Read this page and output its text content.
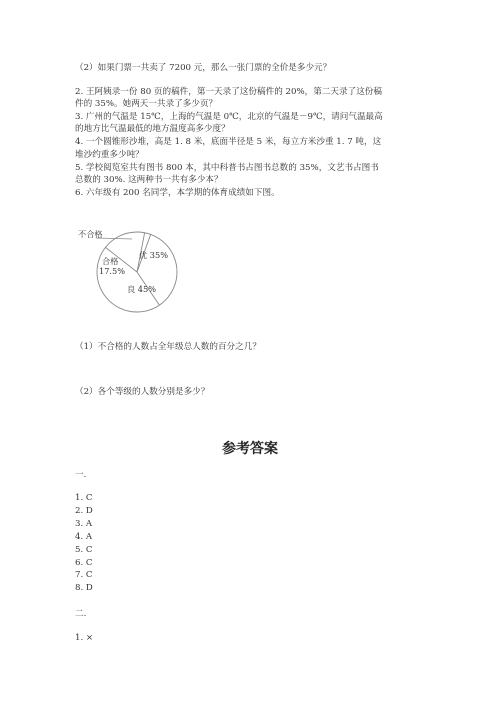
（2）如果门票一共卖了 7200 元，那么一张门票的全价是多少元？
2. 王阿姨录一份 80 页的稿件，第一天录了这份稿件的 20%，第二天录了这份稿
件的 35%。她两天一共录了多少页？
3. 广州的气温是 15℃，上海的气温是 0℃，北京的气温是－9℃，请问气温最高
的地方比气温最低的地方温度高多少度？
4. 一个圆锥形沙堆，高是 1. 8 米，底面半径是 5 米，每立方米沙重 1. 7 吨，这
堆沙约重多少吨？
5. 学校阅览室共有图书 800 本，其中科普书占图书总数的 35%，文艺书占图书
总数的 30%. 这两种书一共有多少本？
6. 六年级有 200 名同学，本学期的体育成绩如下图。
不合格
优 35%
合格
17.5%
良 45%
（1）不合格的人数占全年级总人数的百分之几？
（2）各个等级的人数分别是多少？
参考答案
一.
1. C
2. D
3. A
4. A
5. C
6. C
7. C
8. D
二.
1. ×
